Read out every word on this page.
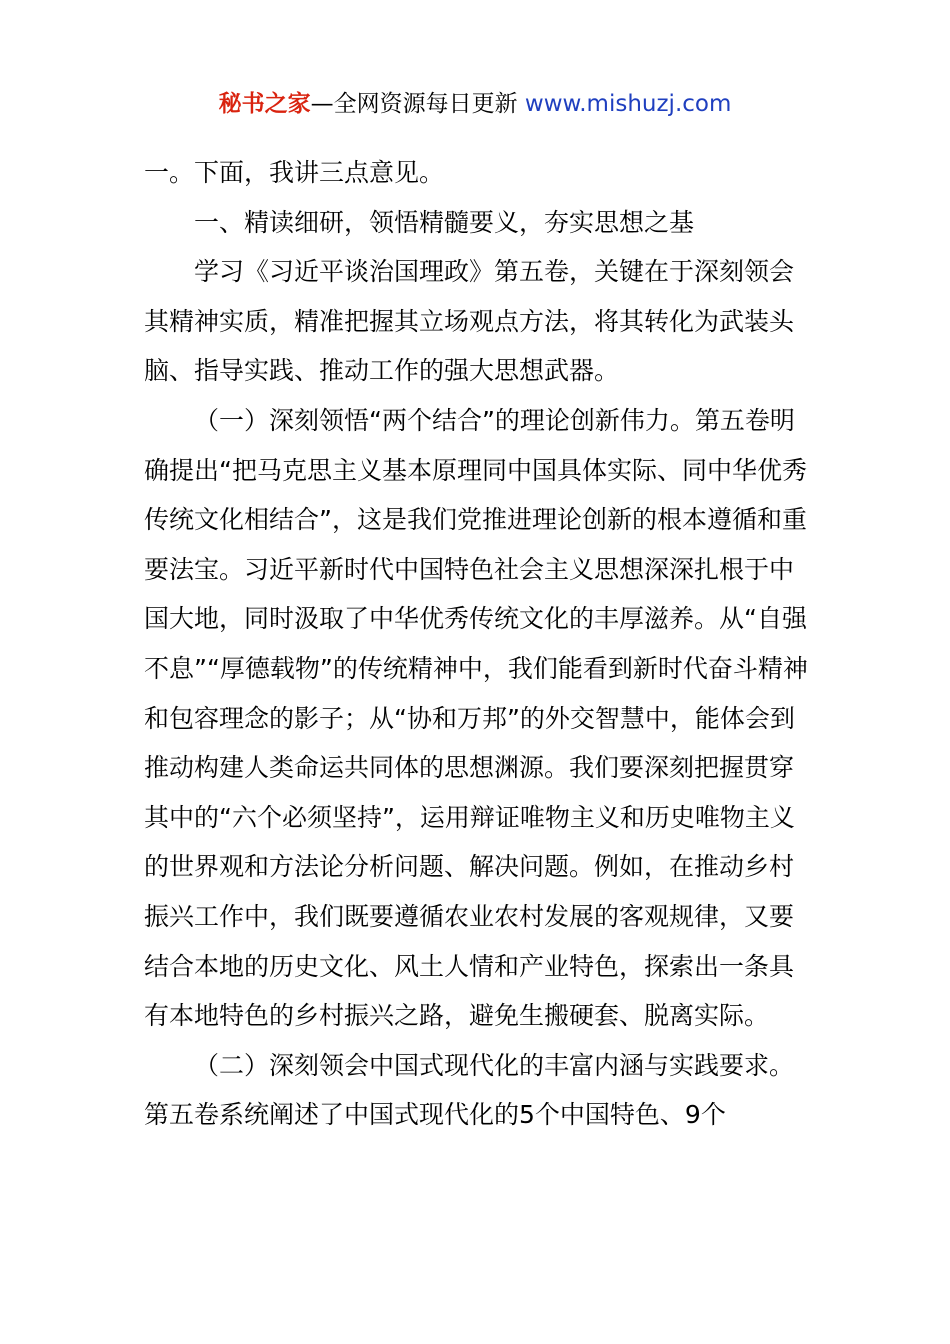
秘书之家—全网资源每日更新 www.mishuzj.com

一。下面，我讲三点意见。

一、精读细研，领悟精髓要义，夯实思想之基

学习《习近平谈治国理政》第五卷，关键在于深刻领会其精神实质，精准把握其立场观点方法，将其转化为武装头脑、指导实践、推动工作的强大思想武器。

（一）深刻领悟“两个结合”的理论创新伟力。第五卷明确提出“把马克思主义基本原理同中国具体实际、同中华优秀传统文化相结合”，这是我们党推进理论创新的根本遵循和重要法宝。习近平新时代中国特色社会主义思想深深扎根于中国大地，同时汲取了中华优秀传统文化的丰厚滋养。从“自强不息”“厚德载物”的传统精神中，我们能看到新时代奋斗精神和包容理念的影子；从“协和万邦”的外交智慧中，能体会到推动构建人类命运共同体的思想渊源。我们要深刻把握贯穿其中的“六个必须坚持”，运用辩证唯物主义和历史唯物主义的世界观和方法论分析问题、解决问题。例如，在推动乡村振兴工作中，我们既要遵循农业农村发展的客观规律，又要结合本地的历史文化、风土人情和产业特色，探索出一条具有本地特色的乡村振兴之路，避免生搬硬套、脱离实际。

（二）深刻领会中国式现代化的丰富内涵与实践要求。第五卷系统阐述了中国式现代化的5个中国特色、9个
